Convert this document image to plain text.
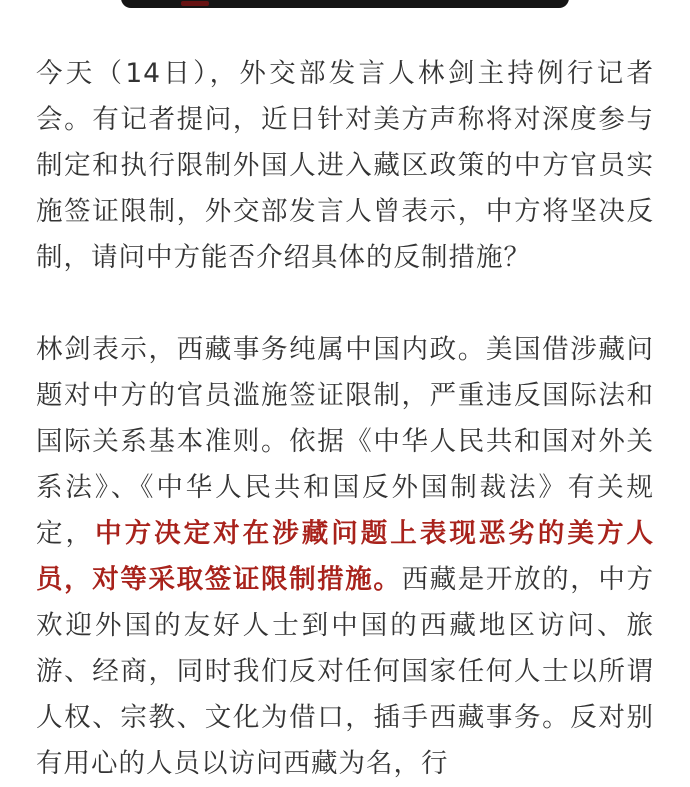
今天（14日），外交部发言人林剑主持例行记者会。有记者提问，近日针对美方声称将对深度参与制定和执行限制外国人进入藏区政策的中方官员实施签证限制，外交部发言人曾表示，中方将坚决反制，请问中方能否介绍具体的反制措施？

林剑表示，西藏事务纯属中国内政。美国借涉藏问题对中方的官员滥施签证限制，严重违反国际法和国际关系基本准则。依据《中华人民共和国对外关系法》、《中华人民共和国反外国制裁法》有关规定，中方决定对在涉藏问题上表现恶劣的美方人员，对等采取签证限制措施。西藏是开放的，中方欢迎外国的友好人士到中国的西藏地区访问、旅游、经商，同时我们反对任何国家任何人士以所谓人权、宗教、文化为借口，插手西藏事务。反对别有用心的人员以访问西藏为名，行
